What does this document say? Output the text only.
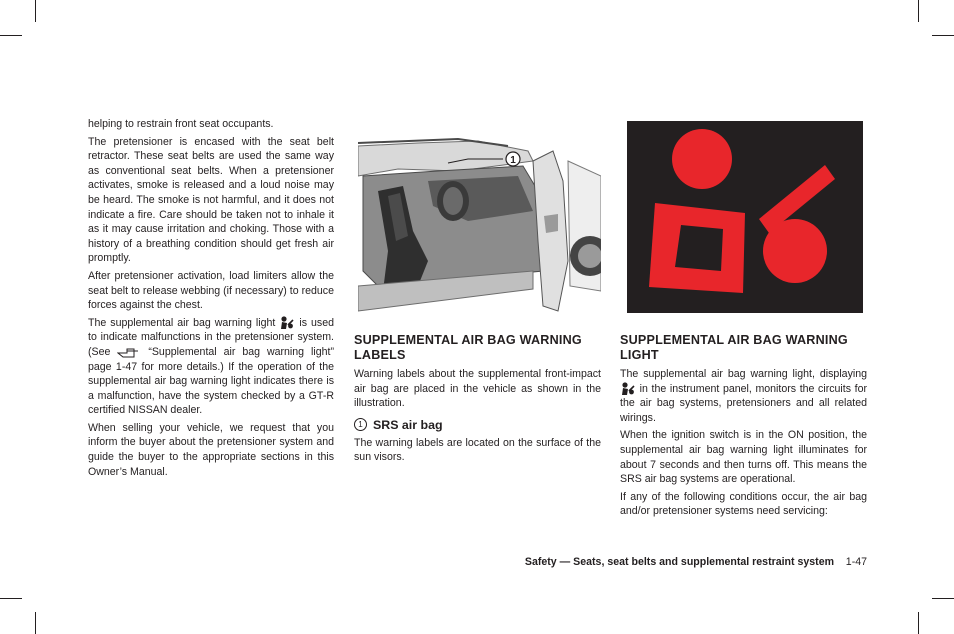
helping to restrain front seat occupants.

The pretensioner is encased with the seat belt retractor. These seat belts are used the same way as conventional seat belts. When a pretensioner activates, smoke is released and a loud noise may be heard. The smoke is not harmful, and it does not indicate a fire. Care should be taken not to inhale it as it may cause irritation and choking. Those with a history of a breathing condition should get fresh air promptly.

After pretensioner activation, load limiters allow the seat belt to release webbing (if necessary) to reduce forces against the chest.

The supplemental air bag warning light is used to indicate malfunctions in the pretensioner system. (See	“Supplemental air bag warning light” page 1-47 for more details.) If the operation of the supplemental air bag warning light indicates there is a malfunction, have the system checked by a GT-R certified NISSAN dealer.

When selling your vehicle, we request that you inform the buyer about the pretensioner system and guide the buyer to the appropriate sections in this Owner’s Manual.

1

SUPPLEMENTAL AIR BAG WARNING LABELS

Warning labels about the supplemental front-impact air bag are placed in the vehicle as shown in the illustration.

1 SRS air bag

The warning labels are located on the surface of the sun visors.

SUPPLEMENTAL AIR BAG WARNING LIGHT

The supplemental air bag warning light, displaying  in the instrument panel, monitors the circuits for the air bag systems, pretensioners and all related wirings.

When the ignition switch is in the ON position, the supplemental air bag warning light illuminates for about 7 seconds and then turns off. This means the SRS air bag systems are operational.

If any of the following conditions occur, the air bag and/or pretensioner systems need servicing:

Safety — Seats, seat belts and supplemental restraint system 1-47
